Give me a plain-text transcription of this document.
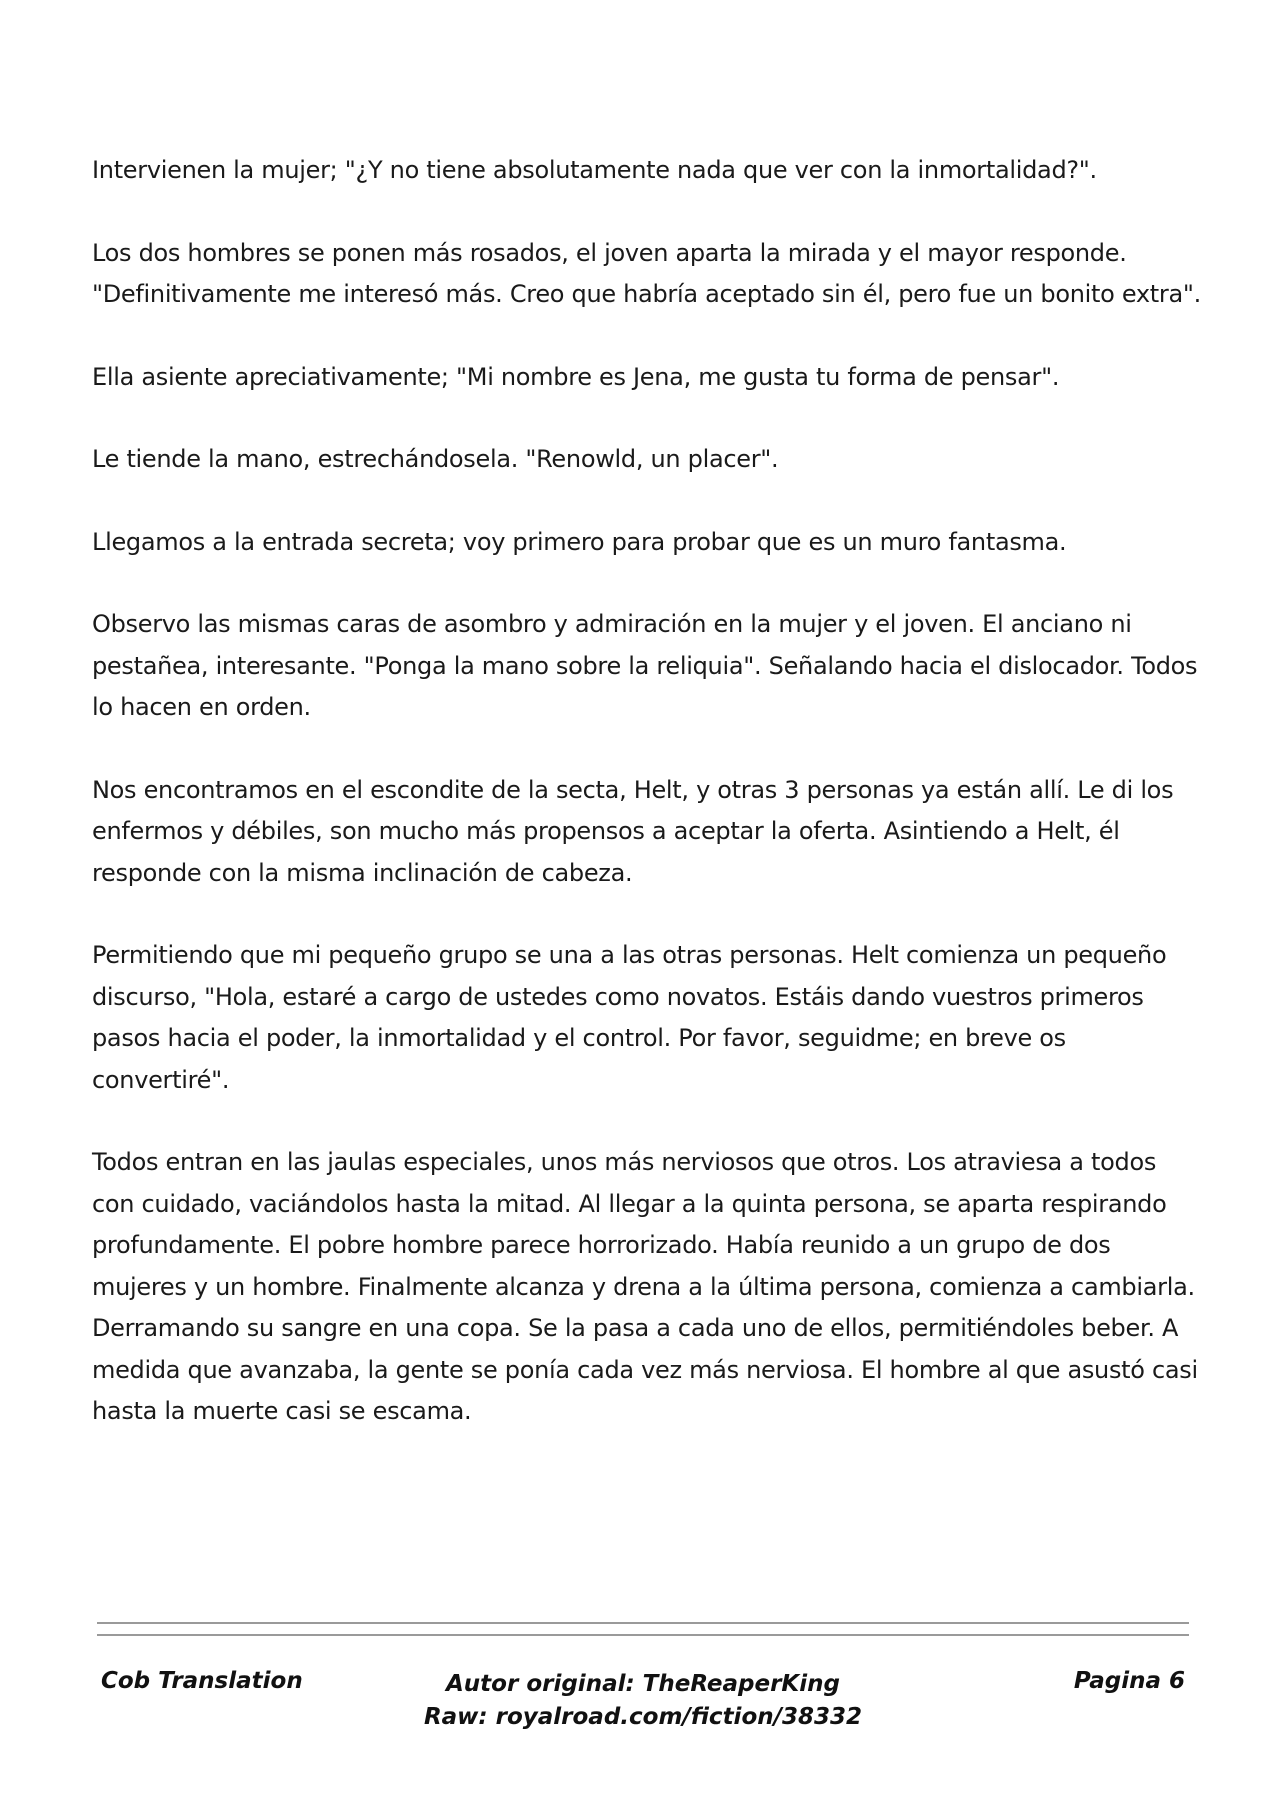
Intervienen la mujer; "¿Y no tiene absolutamente nada que ver con la inmortalidad?".

Los dos hombres se ponen más rosados, el joven aparta la mirada y el mayor responde. "Definitivamente me interesó más. Creo que habría aceptado sin él, pero fue un bonito extra".

Ella asiente apreciativamente; "Mi nombre es Jena, me gusta tu forma de pensar".

Le tiende la mano, estrechándosela. "Renowld, un placer".

Llegamos a la entrada secreta; voy primero para probar que es un muro fantasma.

Observo las mismas caras de asombro y admiración en la mujer y el joven. El anciano ni pestañea, interesante. "Ponga la mano sobre la reliquia". Señalando hacia el dislocador. Todos lo hacen en orden.

Nos encontramos en el escondite de la secta, Helt, y otras 3 personas ya están allí. Le di los enfermos y débiles, son mucho más propensos a aceptar la oferta. Asintiendo a Helt, él responde con la misma inclinación de cabeza.

Permitiendo que mi pequeño grupo se una a las otras personas. Helt comienza un pequeño discurso, "Hola, estaré a cargo de ustedes como novatos. Estáis dando vuestros primeros pasos hacia el poder, la inmortalidad y el control. Por favor, seguidme; en breve os convertiré".

Todos entran en las jaulas especiales, unos más nerviosos que otros. Los atraviesa a todos con cuidado, vaciándolos hasta la mitad. Al llegar a la quinta persona, se aparta respirando profundamente. El pobre hombre parece horrorizado. Había reunido a un grupo de dos mujeres y un hombre. Finalmente alcanza y drena a la última persona, comienza a cambiarla. Derramando su sangre en una copa. Se la pasa a cada uno de ellos, permitiéndoles beber. A medida que avanzaba, la gente se ponía cada vez más nerviosa. El hombre al que asustó casi hasta la muerte casi se escama.

Cob Translation	Autor original: TheReaperKing
Raw: royalroad.com/fiction/38332
Pagina 6
